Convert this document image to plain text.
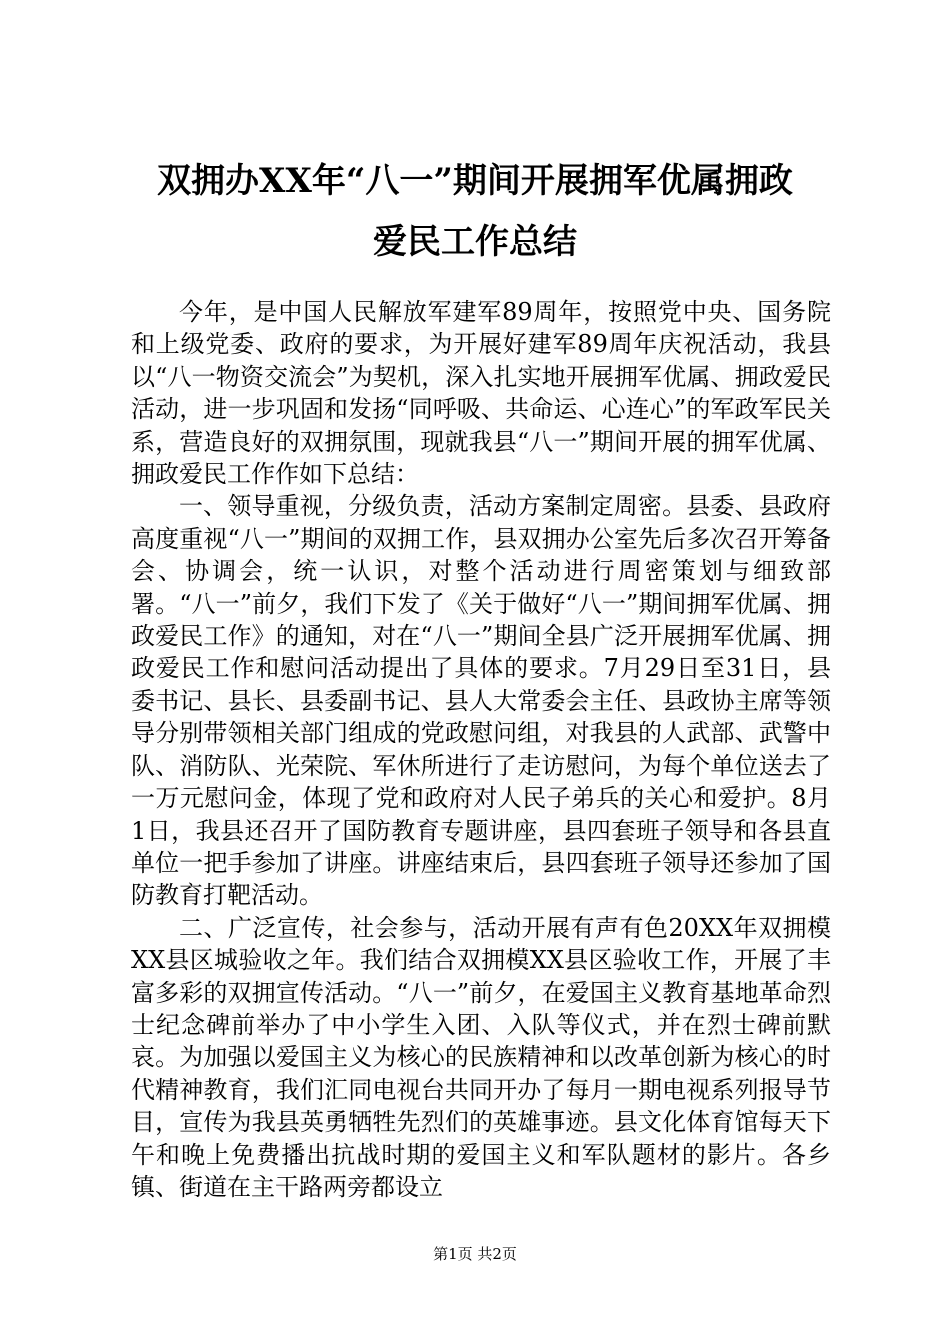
双拥办XX年“八一”期间开展拥军优属拥政
爱民工作总结

今年，是中国人民解放军建军89周年，按照党中央、国务院和上级党委、政府的要求，为开展好建军89周年庆祝活动，我县以“八一物资交流会”为契机，深入扎实地开展拥军优属、拥政爱民活动，进一步巩固和发扬“同呼吸、共命运、心连心”的军政军民关系，营造良好的双拥氛围，现就我县“八一”期间开展的拥军优属、拥政爱民工作作如下总结：

一、领导重视，分级负责，活动方案制定周密。县委、县政府高度重视“八一”期间的双拥工作，县双拥办公室先后多次召开筹备会、协调会，统一认识，对整个活动进行周密策划与细致部署。“八一”前夕，我们下发了《关于做好“八一”期间拥军优属、拥政爱民工作》的通知，对在“八一”期间全县广泛开展拥军优属、拥政爱民工作和慰问活动提出了具体的要求。7月29日至31日，县委书记、县长、县委副书记、县人大常委会主任、县政协主席等领导分别带领相关部门组成的党政慰问组，对我县的人武部、武警中队、消防队、光荣院、军休所进行了走访慰问，为每个单位送去了一万元慰问金，体现了党和政府对人民子弟兵的关心和爱护。8月1日，我县还召开了国防教育专题讲座，县四套班子领导和各县直单位一把手参加了讲座。讲座结束后，县四套班子领导还参加了国防教育打靶活动。

二、广泛宣传，社会参与，活动开展有声有色20XX年双拥模XX县区城验收之年。我们结合双拥模XX县区验收工作，开展了丰富多彩的双拥宣传活动。“八一”前夕，在爱国主义教育基地革命烈士纪念碑前举办了中小学生入团、入队等仪式，并在烈士碑前默哀。为加强以爱国主义为核心的民族精神和以改革创新为核心的时代精神教育，我们汇同电视台共同开办了每月一期电视系列报导节目，宣传为我县英勇牺牲先烈们的英雄事迹。县文化体育馆每天下午和晚上免费播出抗战时期的爱国主义和军队题材的影片。各乡镇、街道在主干路两旁都设立

第1页 共2页
